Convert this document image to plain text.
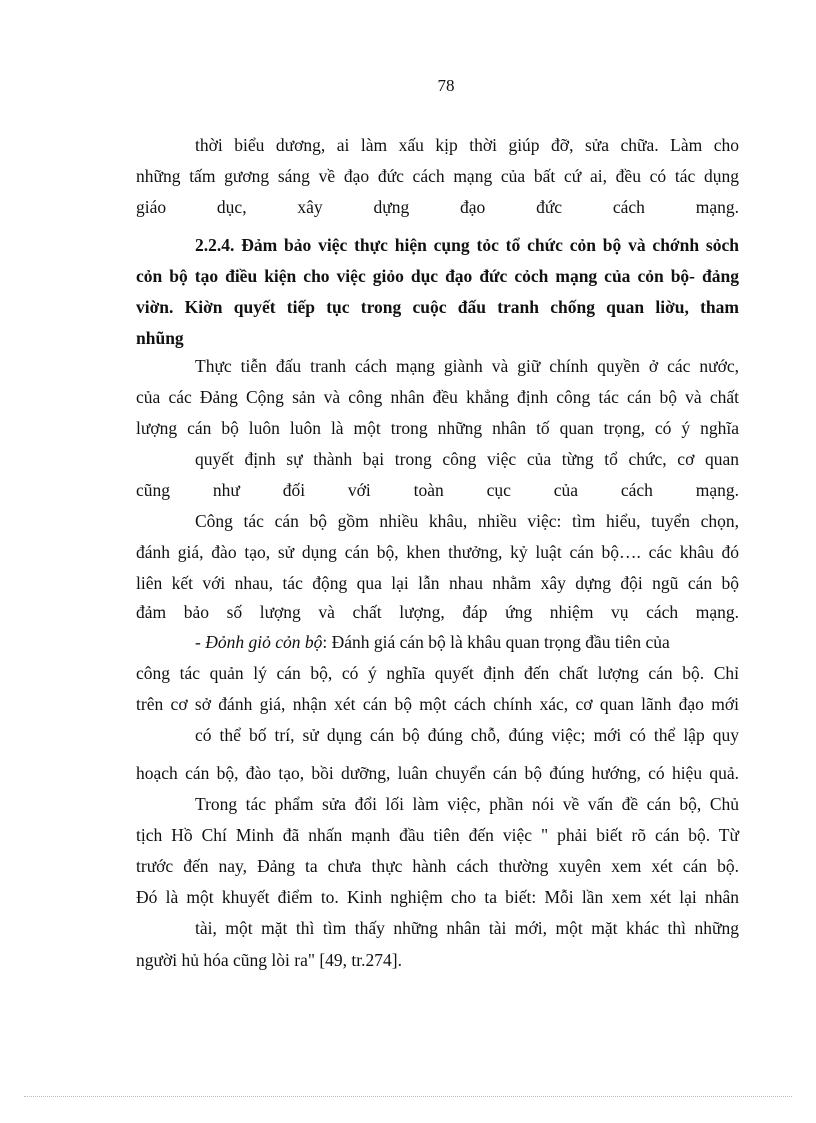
78
thời biểu dương, ai làm xấu kịp thời giúp đỡ, sửa chữa. Làm cho
những tấm gương sáng về đạo đức cách mạng của bất cứ ai, đều có tác dụng
giáo dục, xây dựng đạo đức cách mạng.
2.2.4. Đảm bảo việc thực hiện cụng tỏc tổ chức cỏn bộ và chớnh sỏch
cỏn bộ tạo điều kiện cho việc giỏo dục đạo đức cỏch mạng của cỏn bộ- đảng
viờn. Kiờn quyết tiếp tục trong cuộc đấu tranh chống quan liờu, tham
nhũng
Thực tiễn đấu tranh cách mạng giành và giữ chính quyền ở các nước,
của các Đảng Cộng sản và công nhân đều khẳng định công tác cán bộ và chất
lượng cán bộ luôn luôn là một trong những nhân tố quan trọng, có ý nghĩa
quyết định sự thành bại trong công việc của từng tổ chức, cơ quan
cũng như đối với toàn cục của cách mạng.
Công tác cán bộ gồm nhiều khâu, nhiều việc: tìm hiểu, tuyển chọn,
đánh giá, đào tạo, sử dụng cán bộ, khen thưởng, kỷ luật cán bộ…. các khâu đó
liên kết với nhau, tác động qua lại lẫn nhau nhằm xây dựng đội ngũ cán bộ
đảm bảo số lượng và chất lượng, đáp ứng nhiệm vụ cách mạng.
- Đỏnh giỏ cỏn bộ: Đánh giá cán bộ là khâu quan trọng đầu tiên của
công tác quản lý cán bộ, có ý nghĩa quyết định đến chất lượng cán bộ. Chỉ
trên cơ sở đánh giá, nhận xét cán bộ một cách chính xác, cơ quan lãnh đạo mới
có thể bố trí, sử dụng cán bộ đúng chỗ, đúng việc; mới có thể lập quy
hoạch cán bộ, đào tạo, bồi dưỡng, luân chuyển cán bộ đúng hướng, có hiệu quả.
Trong tác phẩm sửa đổi lối làm việc, phần nói về vấn đề cán bộ, Chủ
tịch Hồ Chí Minh đã nhấn mạnh đầu tiên đến việc " phải biết rõ cán bộ. Từ
trước đến nay, Đảng ta chưa thực hành cách thường xuyên xem xét cán bộ.
Đó là một khuyết điểm to. Kinh nghiệm cho ta biết: Mỗi lần xem xét lại nhân
tài, một mặt thì tìm thấy những nhân tài mới, một mặt khác thì những
người hủ hóa cũng lòi ra" [49, tr.274].
